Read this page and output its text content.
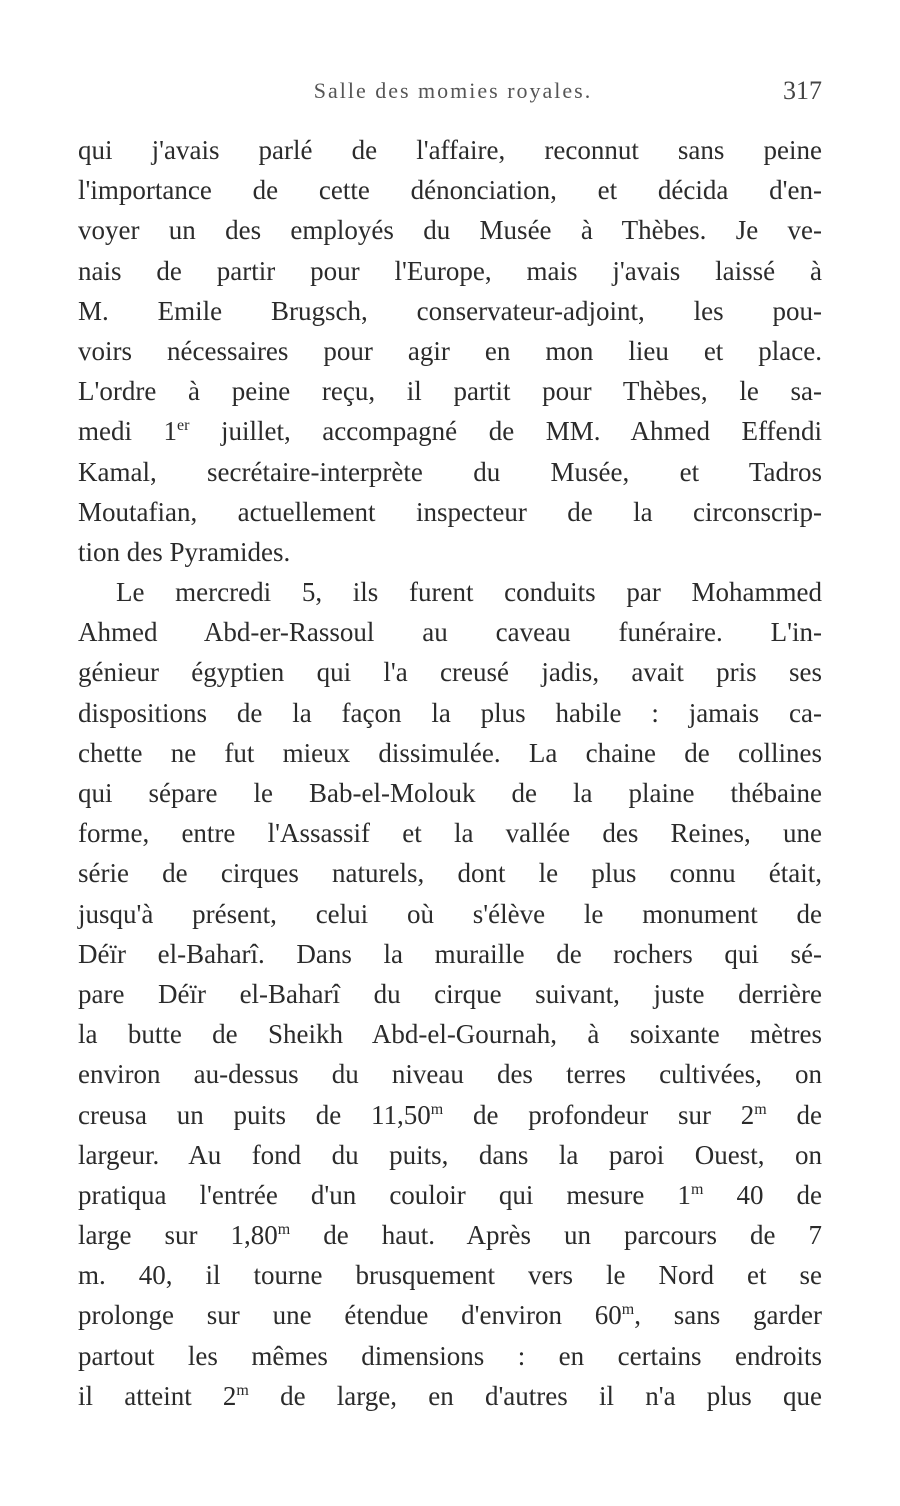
Salle des momies royales.	317
qui j'avais parlé de l'affaire, reconnut sans peine
l'importance de cette dénonciation, et décida d'en-
voyer un des employés du Musée à Thèbes. Je ve-
nais de partir pour l'Europe, mais j'avais laissé à
M. Emile Brugsch, conservateur-adjoint, les pou-
voirs nécessaires pour agir en mon lieu et place.
L'ordre à peine reçu, il partit pour Thèbes, le sa-
medi 1er juillet, accompagné de MM. Ahmed Effendi
Kamal, secrétaire-interprète du Musée, et Tadros
Moutafian, actuellement inspecteur de la circonscrip-
tion des Pyramides.
Le mercredi 5, ils furent conduits par Mohammed
Ahmed Abd-er-Rassoul au caveau funéraire. L'in-
génieur égyptien qui l'a creusé jadis, avait pris ses
dispositions de la façon la plus habile : jamais ca-
chette ne fut mieux dissimulée. La chaine de collines
qui sépare le Bab-el-Molouk de la plaine thébaine
forme, entre l'Assassif et la vallée des Reines, une
série de cirques naturels, dont le plus connu était,
jusqu'à présent, celui où s'élève le monument de
Déïr el-Baharî. Dans la muraille de rochers qui sé-
pare Déïr el-Baharî du cirque suivant, juste derrière
la butte de Sheikh Abd-el-Gournah, à soixante mètres
environ au-dessus du niveau des terres cultivées, on
creusa un puits de 11,50$^m$ de profondeur sur 2$^m$ de
largeur. Au fond du puits, dans la paroi Ouest, on
pratiqua l'entrée d'un couloir qui mesure 1$^m$ 40 de
large sur 1,80$^m$ de haut. Après un parcours de 7
m. 40, il tourne brusquement vers le Nord et se
prolonge sur une étendue d'environ 60$^m$, sans garder
partout les mêmes dimensions : en certains endroits
il atteint 2$^m$ de large, en d'autres il n'a plus que
